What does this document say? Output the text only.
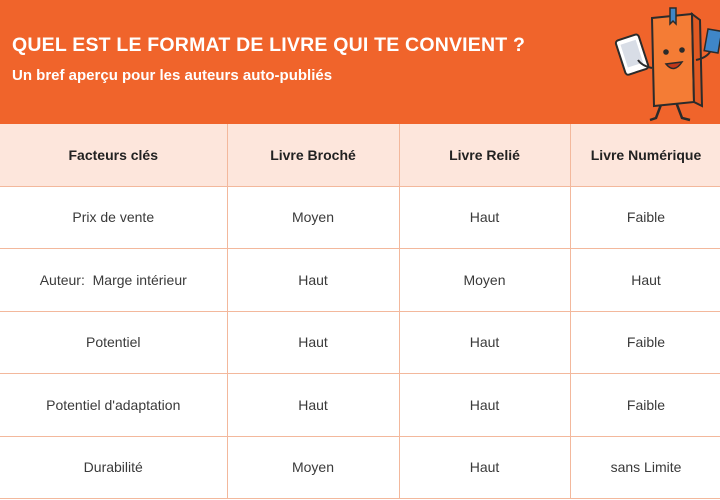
QUEL EST LE FORMAT DE LIVRE QUI TE CONVIENT ?
Un bref aperçu pour les auteurs auto-publiés
Facteurs clés	Livre Broché	Livre Relié	Livre Numérique
Prix de vente	Moyen	Haut	Faible
Auteur:  Marge intérieur	Haut	Moyen	Haut
Potentiel	Haut	Haut	Faible
Potentiel d'adaptation	Haut	Haut	Faible
Durabilité	Moyen	Haut	sans Limite
